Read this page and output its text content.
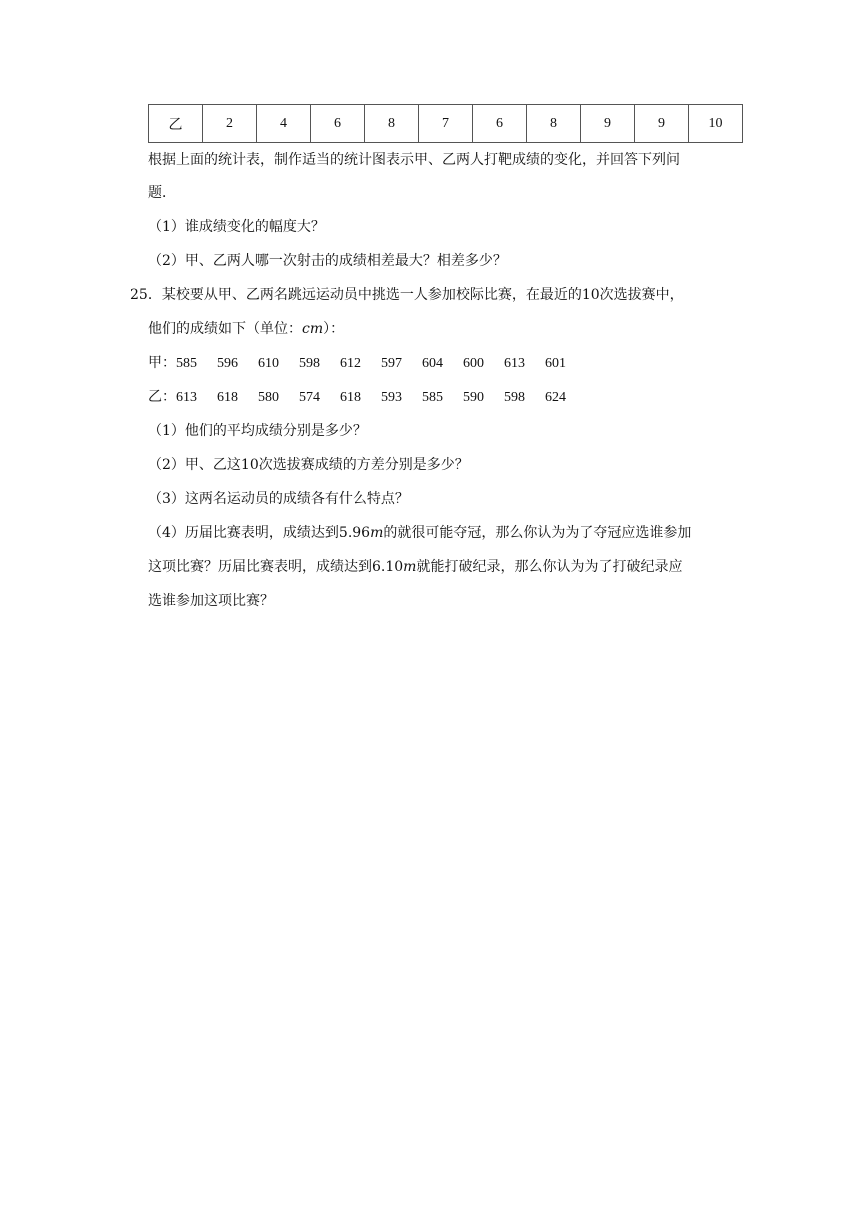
乙	2	4	6	8	7	6	8	9	9	10
根据上面的统计表，制作适当的统计图表示甲、乙两人打靶成绩的变化，并回答下列问
题．
（1）谁成绩变化的幅度大？
（2）甲、乙两人哪一次射击的成绩相差最大？相差多少？
25．某校要从甲、乙两名跳远运动员中挑选一人参加校际比赛，在最近的10次选拔赛中，
他们的成绩如下（单位：cm）：
甲：585 596 610 598 612 597 604 600 613 601
乙：613 618 580 574 618 593 585 590 598 624
（1）他们的平均成绩分别是多少？
（2）甲、乙这10次选拔赛成绩的方差分别是多少？
（3）这两名运动员的成绩各有什么特点？
（4）历届比赛表明，成绩达到5.96m的就很可能夺冠，那么你认为为了夺冠应选谁参加
这项比赛？历届比赛表明，成绩达到6.10m就能打破纪录，那么你认为为了打破纪录应
选谁参加这项比赛？
